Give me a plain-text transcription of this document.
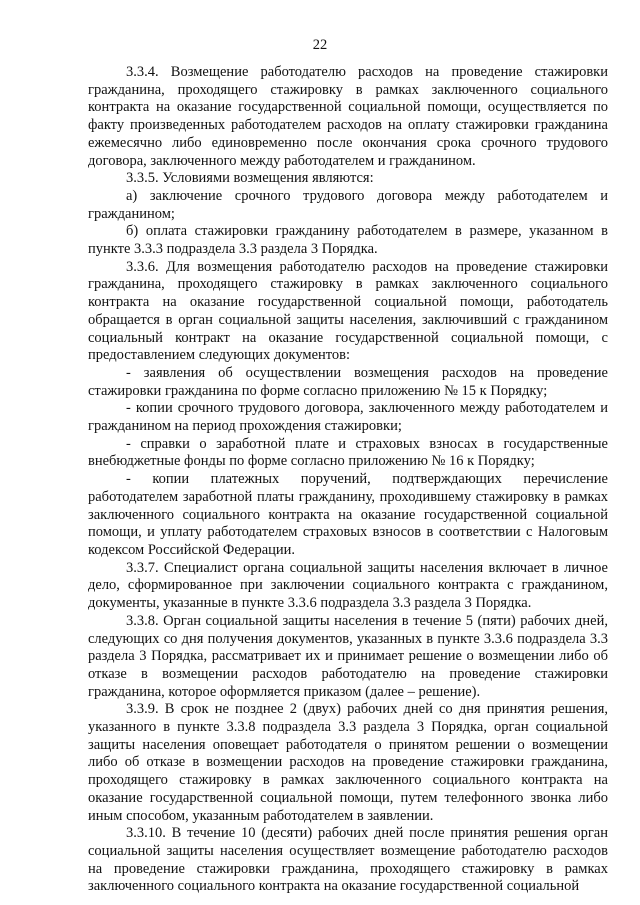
22

3.3.4. Возмещение работодателю расходов на проведение стажировки гражданина, проходящего стажировку в рамках заключенного социального контракта на оказание государственной социальной помощи, осуществляется по факту произведенных работодателем расходов на оплату стажировки гражданина ежемесячно либо единовременно после окончания срока срочного трудового договора, заключенного между работодателем и гражданином.

3.3.5. Условиями возмещения являются:

а) заключение срочного трудового договора между работодателем и гражданином;

б) оплата стажировки гражданину работодателем в размере, указанном в пункте 3.3.3 подраздела 3.3 раздела 3 Порядка.

3.3.6. Для возмещения работодателю расходов на проведение стажировки гражданина, проходящего стажировку в рамках заключенного социального контракта на оказание государственной социальной помощи, работодатель обращается в орган социальной защиты населения, заключивший с гражданином социальный контракт на оказание государственной социальной помощи, с предоставлением следующих документов:

- заявления об осуществлении возмещения расходов на проведение стажировки гражданина по форме согласно приложению № 15 к Порядку;

- копии срочного трудового договора, заключенного между работодателем и гражданином на период прохождения стажировки;

- справки о заработной плате и страховых взносах в государственные внебюджетные фонды по форме согласно приложению № 16 к Порядку;

- копии платежных поручений, подтверждающих перечисление работодателем заработной платы гражданину, проходившему стажировку в рамках заключенного социального контракта на оказание государственной социальной помощи, и уплату работодателем страховых взносов в соответствии с Налоговым кодексом Российской Федерации.

3.3.7. Специалист органа социальной защиты населения включает в личное дело, сформированное при заключении социального контракта с гражданином, документы, указанные в пункте 3.3.6 подраздела 3.3 раздела 3 Порядка.

3.3.8. Орган социальной защиты населения в течение 5 (пяти) рабочих дней, следующих со дня получения документов, указанных в пункте 3.3.6 подраздела 3.3 раздела 3 Порядка, рассматривает их и принимает решение о возмещении либо об отказе в возмещении расходов работодателю на проведение стажировки гражданина, которое оформляется приказом (далее – решение).

3.3.9. В срок не позднее 2 (двух) рабочих дней со дня принятия решения, указанного в пункте 3.3.8 подраздела 3.3 раздела 3 Порядка, орган социальной защиты населения оповещает работодателя о принятом решении о возмещении либо об отказе в возмещении расходов на проведение стажировки гражданина, проходящего стажировку в рамках заключенного социального контракта на оказание государственной социальной помощи, путем телефонного звонка либо иным способом, указанным работодателем в заявлении.

3.3.10. В течение 10 (десяти) рабочих дней после принятия решения орган социальной защиты населения осуществляет возмещение работодателю расходов на проведение стажировки гражданина, проходящего стажировку в рамках заключенного социального контракта на оказание государственной социальной
